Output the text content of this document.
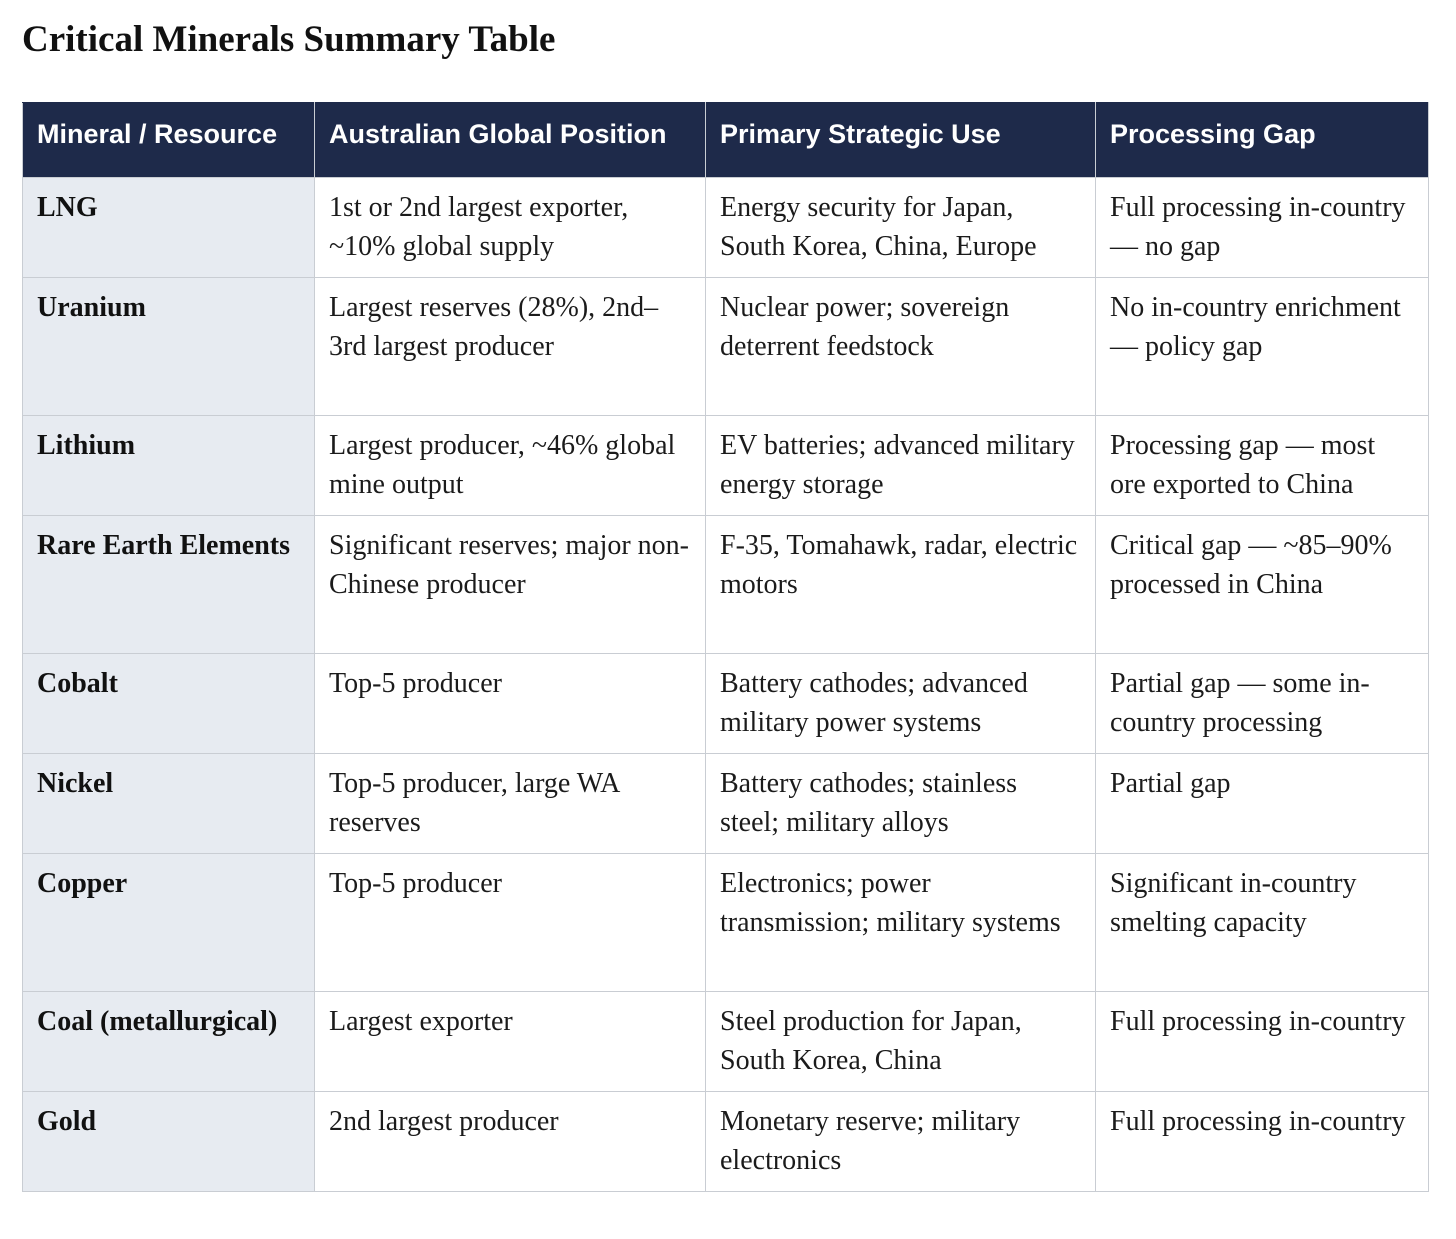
Critical Minerals Summary Table
Mineral / Resource	Australian Global Position	Primary Strategic Use	Processing Gap
LNG	1st or 2nd largest exporter, ~10% global supply	Energy security for Japan, South Korea, China, Europe	Full processing in-country — no gap
Uranium	Largest reserves (28%), 2nd–3rd largest producer	Nuclear power; sovereign deterrent feedstock	No in-country enrichment — policy gap
Lithium	Largest producer, ~46% global mine output	EV batteries; advanced military energy storage	Processing gap — most ore exported to China
Rare Earth Elements	Significant reserves; major non-Chinese producer	F-35, Tomahawk, radar, electric motors	Critical gap — ~85–90% processed in China
Cobalt	Top-5 producer	Battery cathodes; advanced military power systems	Partial gap — some in-country processing
Nickel	Top-5 producer, large WA reserves	Battery cathodes; stainless steel; military alloys	Partial gap
Copper	Top-5 producer	Electronics; power transmission; military systems	Significant in-country smelting capacity
Coal (metallurgical)	Largest exporter	Steel production for Japan, South Korea, China	Full processing in-country
Gold	2nd largest producer	Monetary reserve; military electronics	Full processing in-country
